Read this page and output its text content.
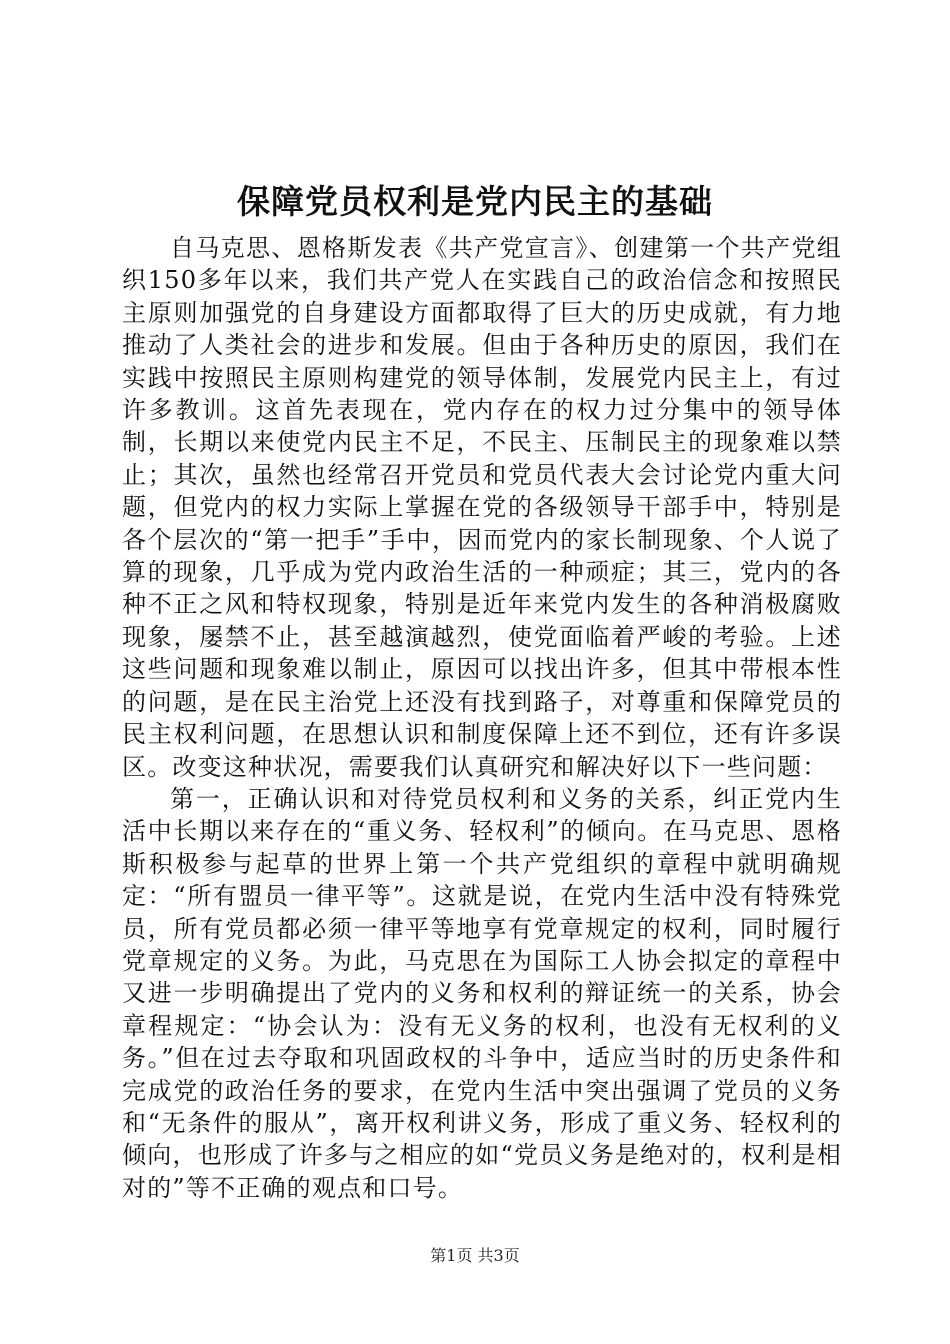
保障党员权利是党内民主的基础

自马克思、恩格斯发表《共产党宣言》、创建第一个共产党组织150多年以来，我们共产党人在实践自己的政治信念和按照民主原则加强党的自身建设方面都取得了巨大的历史成就，有力地推动了人类社会的进步和发展。但由于各种历史的原因，我们在实践中按照民主原则构建党的领导体制，发展党内民主上，有过许多教训。这首先表现在，党内存在的权力过分集中的领导体制，长期以来使党内民主不足，不民主、压制民主的现象难以禁止；其次，虽然也经常召开党员和党员代表大会讨论党内重大问题，但党内的权力实际上掌握在党的各级领导干部手中，特别是各个层次的“第一把手”手中，因而党内的家长制现象、个人说了算的现象，几乎成为党内政治生活的一种顽症；其三，党内的各种不正之风和特权现象，特别是近年来党内发生的各种消极腐败现象，屡禁不止，甚至越演越烈，使党面临着严峻的考验。上述这些问题和现象难以制止，原因可以找出许多，但其中带根本性的问题，是在民主治党上还没有找到路子，对尊重和保障党员的民主权利问题，在思想认识和制度保障上还不到位，还有许多误区。改变这种状况，需要我们认真研究和解决好以下一些问题：

第一，正确认识和对待党员权利和义务的关系，纠正党内生活中长期以来存在的“重义务、轻权利”的倾向。在马克思、恩格斯积极参与起草的世界上第一个共产党组织的章程中就明确规定：“所有盟员一律平等”。这就是说，在党内生活中没有特殊党员，所有党员都必须一律平等地享有党章规定的权利，同时履行党章规定的义务。为此，马克思在为国际工人协会拟定的章程中又进一步明确提出了党内的义务和权利的辩证统一的关系，协会章程规定：“协会认为：没有无义务的权利，也没有无权利的义务。”但在过去夺取和巩固政权的斗争中，适应当时的历史条件和完成党的政治任务的要求，在党内生活中突出强调了党员的义务和“无条件的服从”，离开权利讲义务，形成了重义务、轻权利的倾向，也形成了许多与之相应的如“党员义务是绝对的，权利是相对的”等不正确的观点和口号。

第1页 共3页
